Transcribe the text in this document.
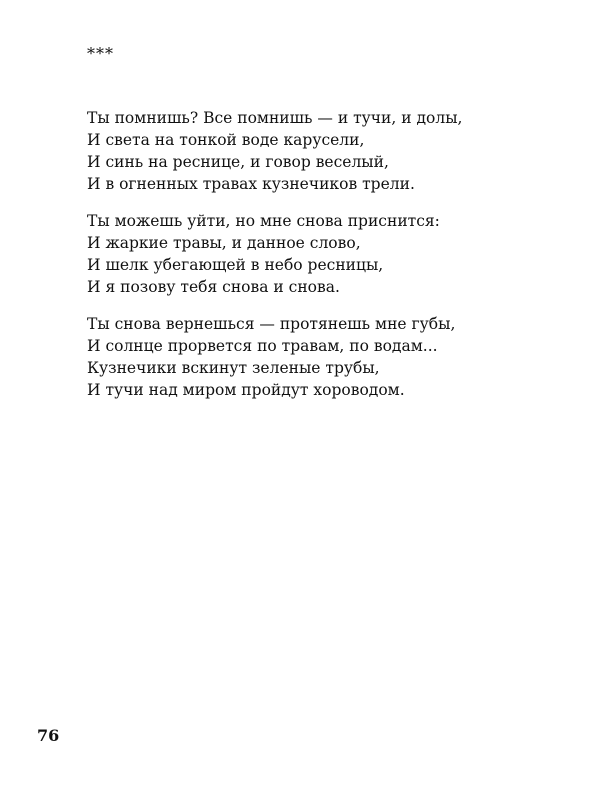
***
Ты помнишь? Все помнишь — и тучи, и долы,
И света на тонкой воде карусели,
И синь на реснице, и говор веселый,
И в огненных травах кузнечиков трели.
Ты можешь уйти, но мне снова приснится:
И жаркие травы, и данное слово,
И шелк убегающей в небо ресницы,
И я позову тебя снова и снова.
Ты снова вернешься — протянешь мне губы,
И солнце прорвется по травам, по водам...
Кузнечики вскинут зеленые трубы,
И тучи над миром пройдут хороводом.
76
